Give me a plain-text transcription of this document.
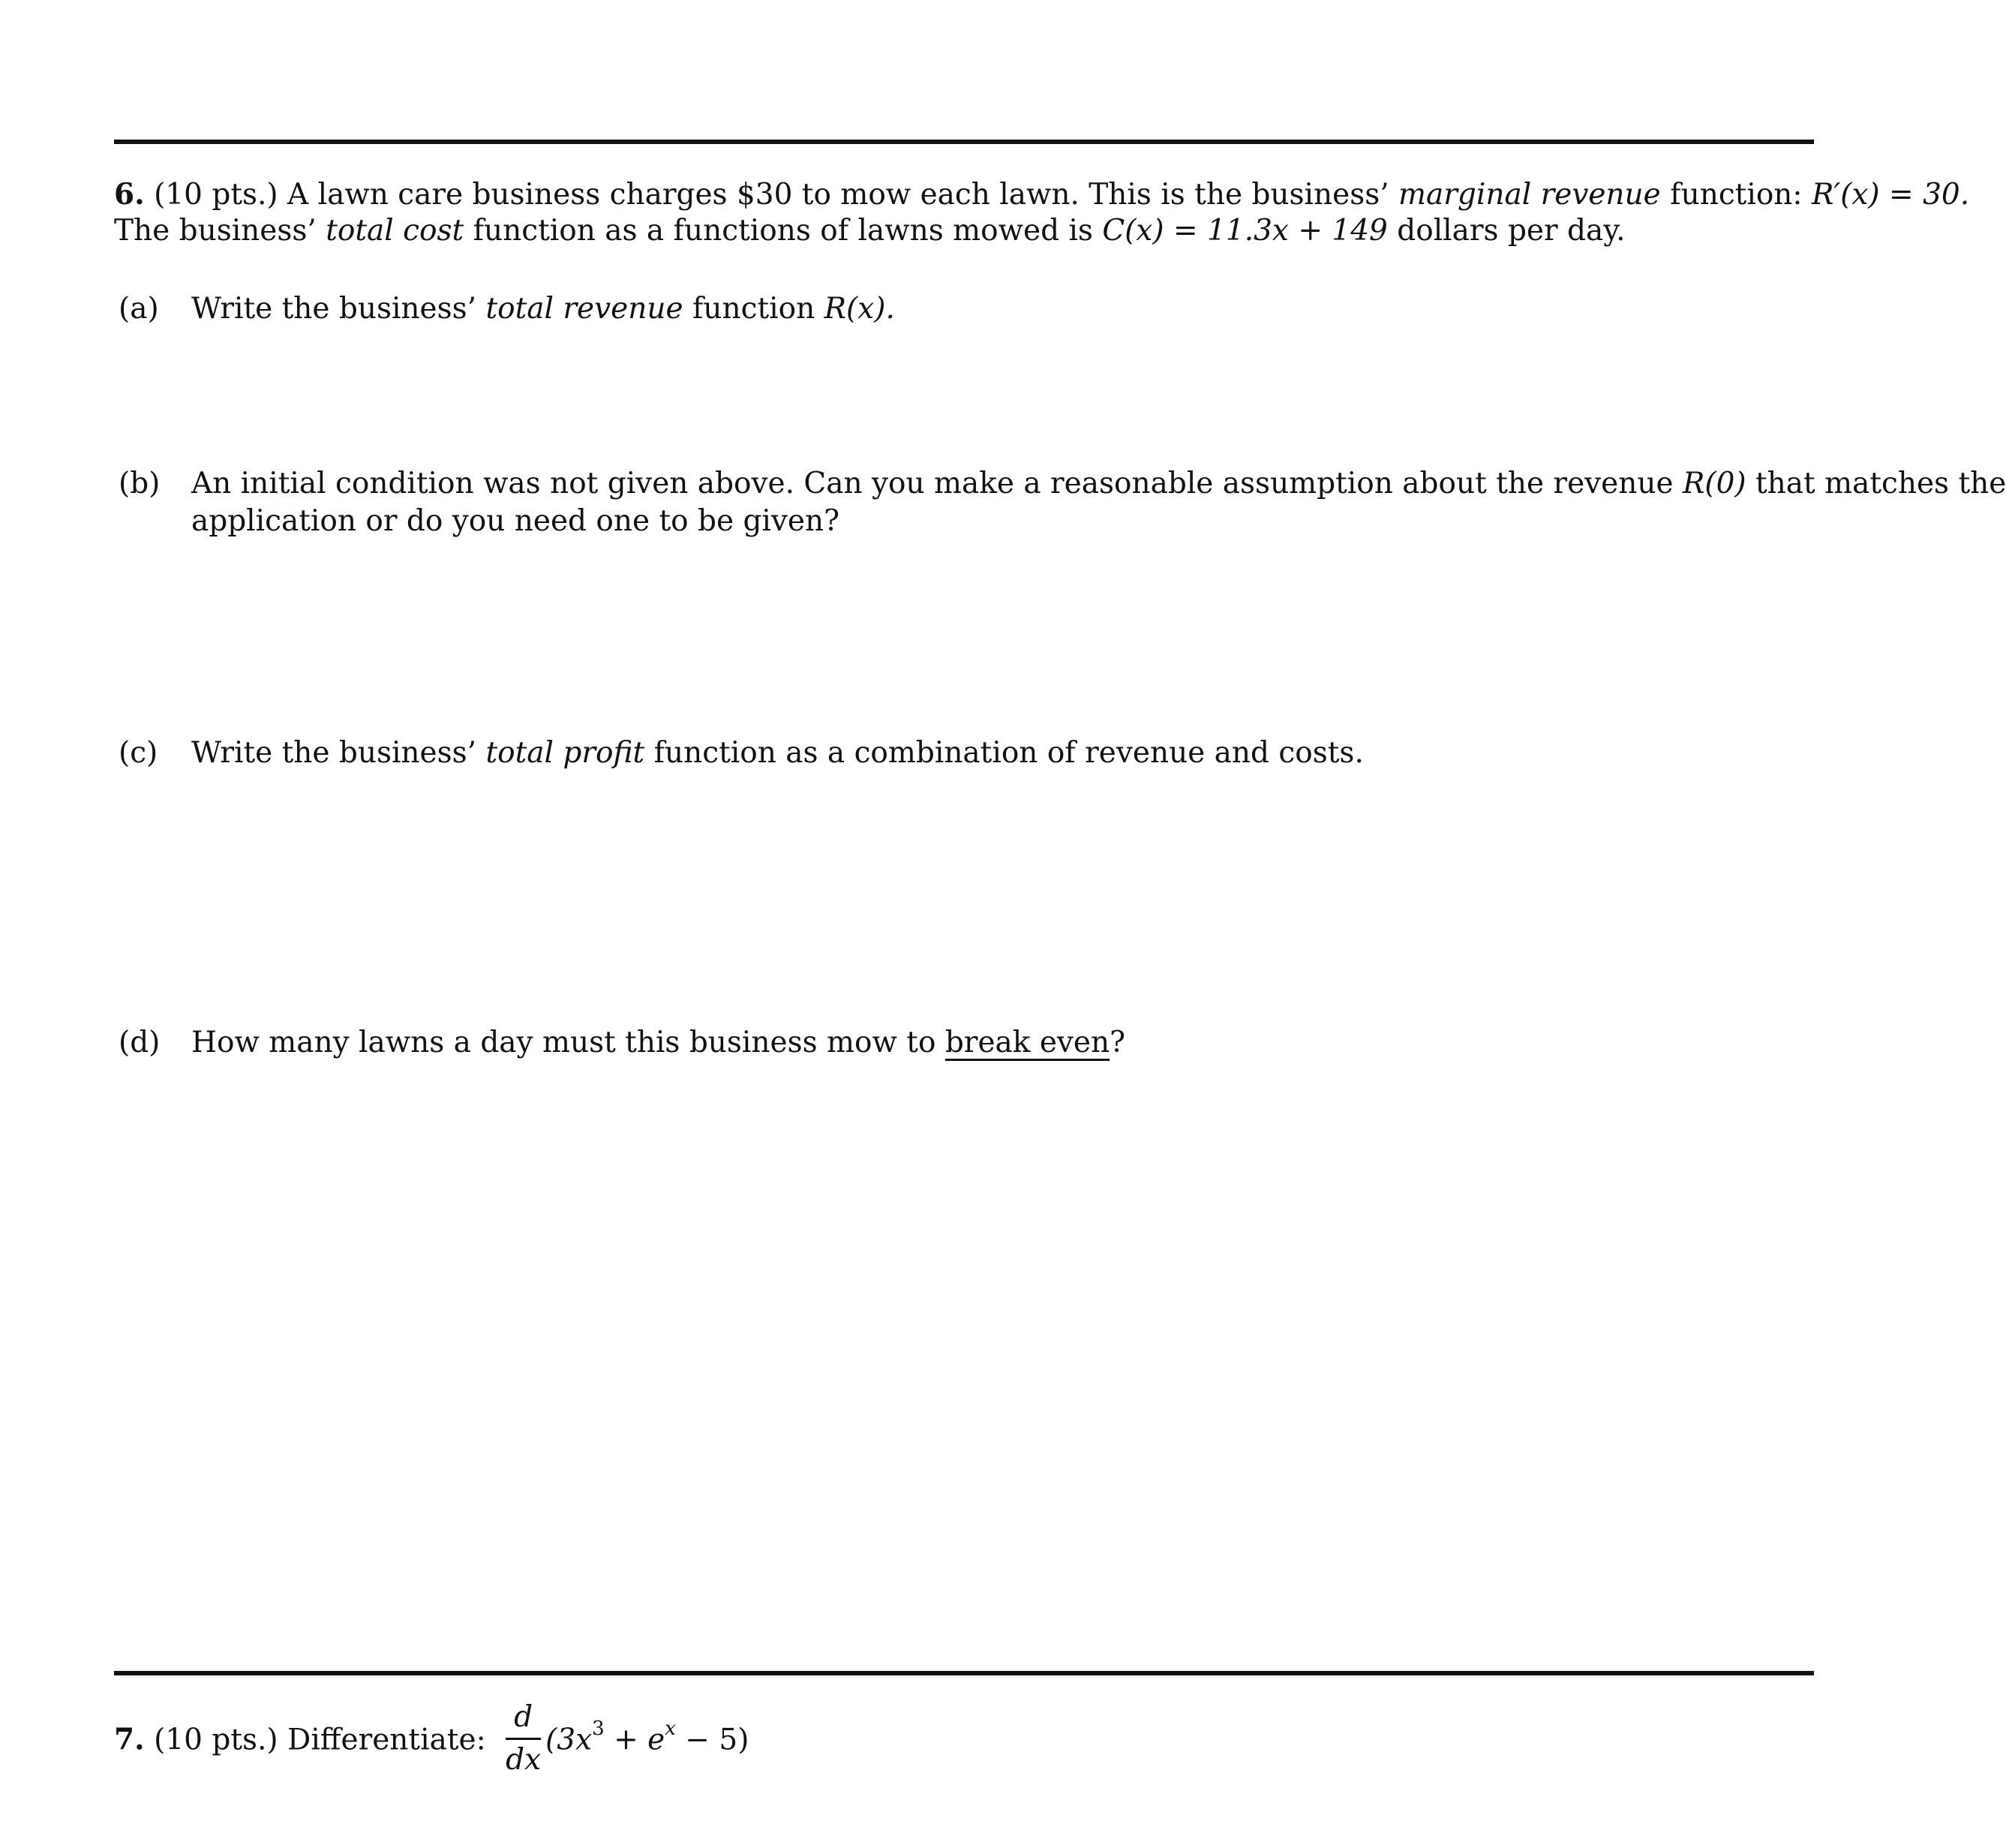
6. (10 pts.) A lawn care business charges $30 to mow each lawn. This is the business’ marginal revenue function: R′(x) = 30.
The business’ total cost function as a functions of lawns mowed is C(x) = 11.3x + 149 dollars per day.
(a) Write the business’ total revenue function R(x).
(b) An initial condition was not given above. Can you make a reasonable assumption about the revenue R(0) that matches the
application or do you need one to be given?
(c) Write the business’ total profit function as a combination of revenue and costs.
(d) How many lawns a day must this business mow to break even?
7. (10 pts.) Differentiate: $\frac{d}{dx} (3x^3 + e^x - 5)$
